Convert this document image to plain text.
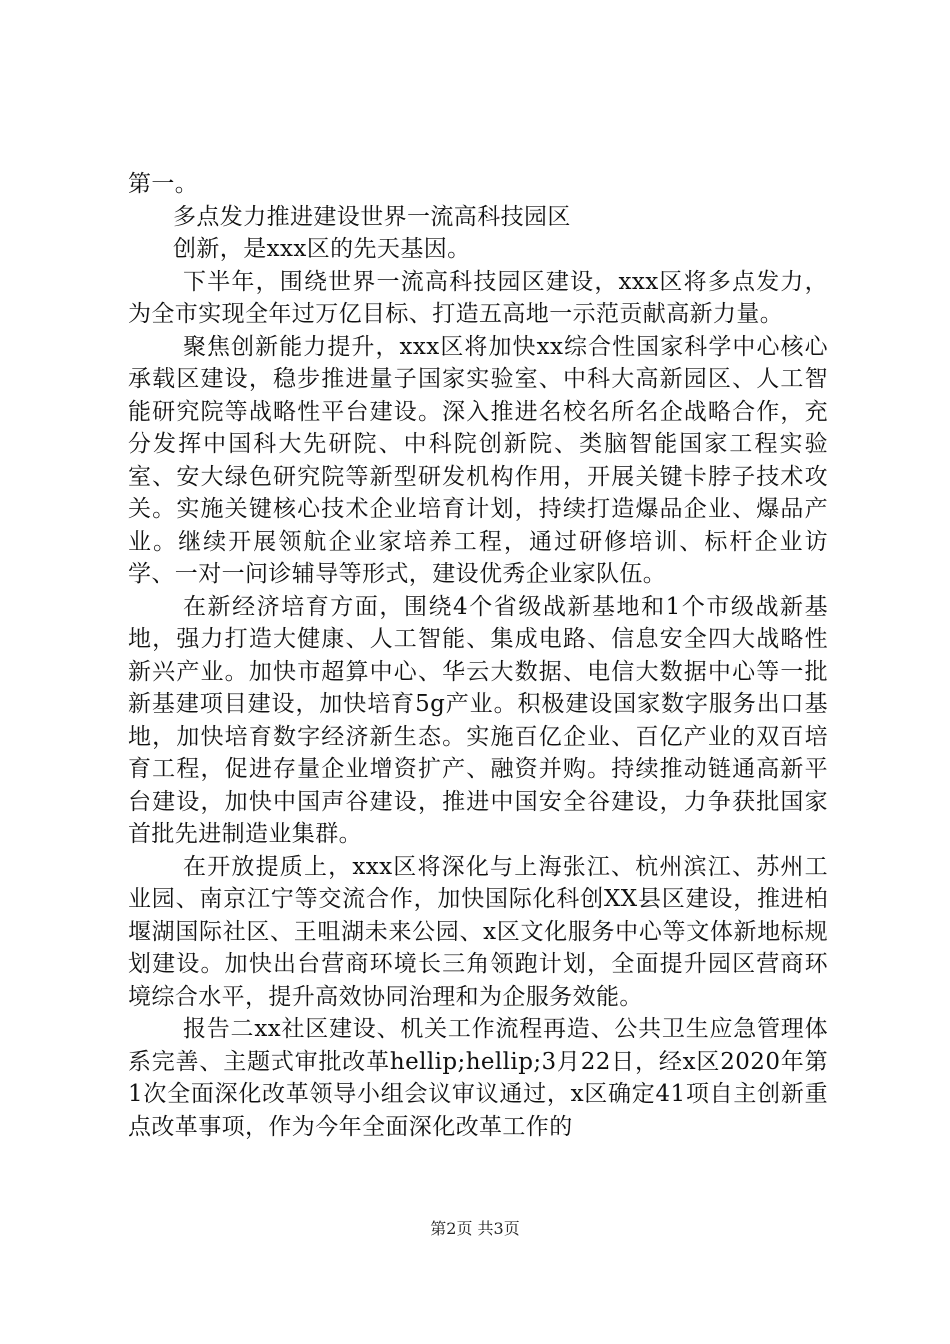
第一。

多点发力推进建设世界一流高科技园区

创新，是xxx区的先天基因。

下半年，围绕世界一流高科技园区建设，xxx区将多点发力，为全市实现全年过万亿目标、打造五高地一示范贡献高新力量。

聚焦创新能力提升，xxx区将加快xx综合性国家科学中心核心承载区建设，稳步推进量子国家实验室、中科大高新园区、人工智能研究院等战略性平台建设。深入推进名校名所名企战略合作，充分发挥中国科大先研院、中科院创新院、类脑智能国家工程实验室、安大绿色研究院等新型研发机构作用，开展关键卡脖子技术攻关。实施关键核心技术企业培育计划，持续打造爆品企业、爆品产业。继续开展领航企业家培养工程，通过研修培训、标杆企业访学、一对一问诊辅导等形式，建设优秀企业家队伍。

在新经济培育方面，围绕4个省级战新基地和1个市级战新基地，强力打造大健康、人工智能、集成电路、信息安全四大战略性新兴产业。加快市超算中心、华云大数据、电信大数据中心等一批新基建项目建设，加快培育5g产业。积极建设国家数字服务出口基地，加快培育数字经济新生态。实施百亿企业、百亿产业的双百培育工程，促进存量企业增资扩产、融资并购。持续推动链通高新平台建设，加快中国声谷建设，推进中国安全谷建设，力争获批国家首批先进制造业集群。

在开放提质上，xxx区将深化与上海张江、杭州滨江、苏州工业园、南京江宁等交流合作，加快国际化科创XX县区建设，推进柏堰湖国际社区、王咀湖未来公园、x区文化服务中心等文体新地标规划建设。加快出台营商环境长三角领跑计划，全面提升园区营商环境综合水平，提升高效协同治理和为企服务效能。

报告二xx社区建设、机关工作流程再造、公共卫生应急管理体系完善、主题式审批改革hellip;hellip;3月22日，经x区2020年第1次全面深化改革领导小组会议审议通过，x区确定41项自主创新重点改革事项，作为今年全面深化改革工作的

第2页 共3页
